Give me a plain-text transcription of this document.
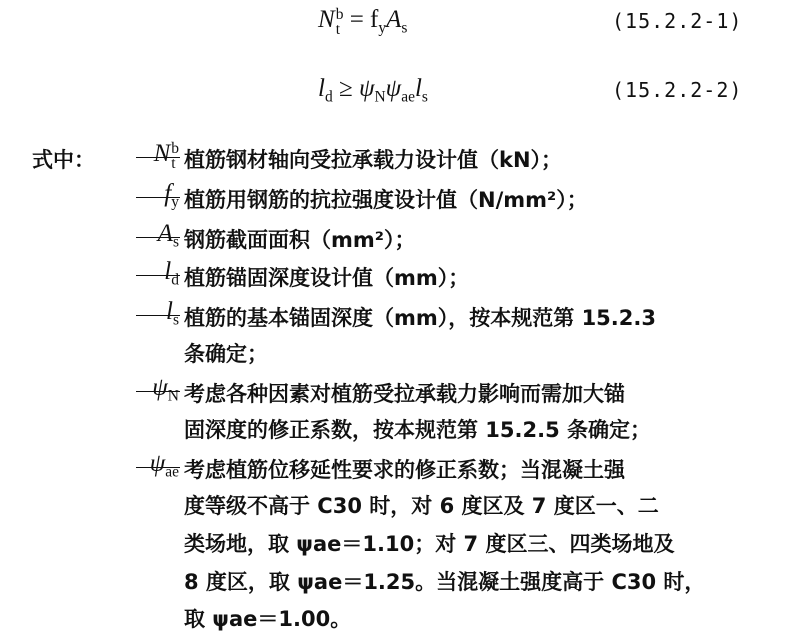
N b
$t = f_yA_s$	(15.2.2-1)
$l_d \ge \psi_N\psi_{ae}l_s$	(15.2.2-2)
式中： N b
t 植筋钢材轴向受拉承载力设计值（kN）；
$f_y$ 植筋用钢筋的抗拉强度设计值（N/mm²）；
$A_s$ 钢筋截面面积（mm²）；
$l_d$ 植筋锚固深度设计值（mm）；
$l_s$ 植筋的基本锚固深度（mm），按本规范第 15.2.3
条确定；
$\psi_N$ 考虑各种因素对植筋受拉承载力影响而需加大锚
固深度的修正系数，按本规范第 15.2.5 条确定；
$\psi_{ae}$ 考虑植筋位移延性要求的修正系数；当混凝土强
度等级不高于 C30 时，对 6 度区及 7 度区一、二
类场地，取 ψae＝1.10；对 7 度区三、四类场地及
8 度区，取 ψae＝1.25。当混凝土强度高于 C30 时，
取 ψae＝1.00。
